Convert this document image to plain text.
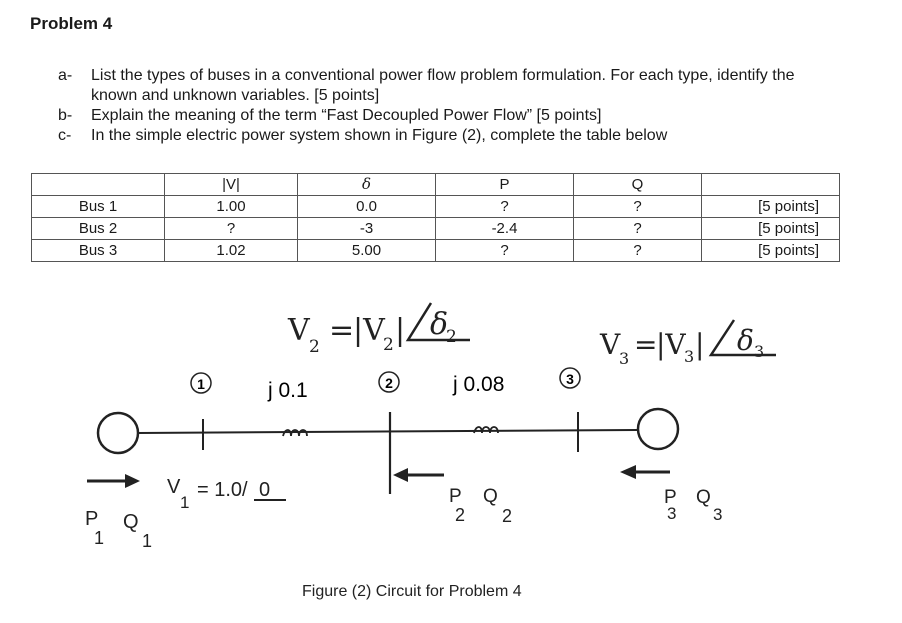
Problem 4
a-	List the types of buses in a conventional power flow problem formulation. For each type, identify the known and unknown variables. [5 points]
b-	Explain the meaning of the term “Fast Decoupled Power Flow” [5 points]
c-	In the simple electric power system shown in Figure (2), complete the table below
	|V|	δ	P	Q	
Bus 1	1.00	0.0	?	?	[5 points]
Bus 2	?	-3	-2.4	?	[5 points]
Bus 3	1.02	5.00	?	?	[5 points]
V 2 =
|V
2 | δ
2	V
3 =
|V
3 | δ 3
1	2	3
j 0.1	j 0.08
V
1
= 1.0/ 0
P
1
Q
1
P
2
Q
2
P
3
Q
3
Figure (2) Circuit for Problem 4
